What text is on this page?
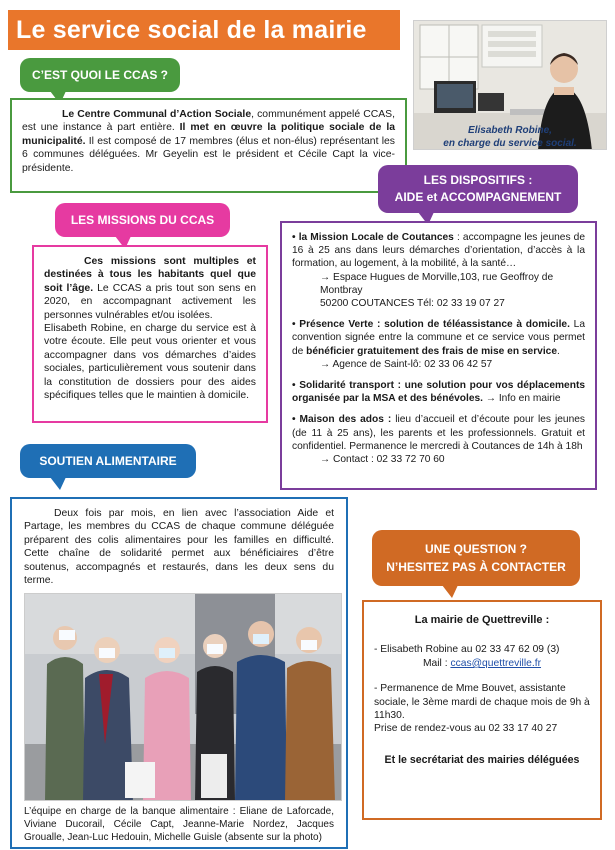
Le service social de la mairie
Elisabeth Robine,
en charge du service social.
C’EST QUOI LE CCAS ?

Le Centre Communal d’Action Sociale, communément appelé CCAS, est une instance à part entière. Il met en œuvre la politique sociale de la municipalité. Il est composé de 17 membres (élus et non-élus) représentant les 6 communes déléguées. Mr Geyelin est le président et Cécile Capt la vice-présidente.

LES MISSIONS DU CCAS

Ces missions sont multiples et destinées à tous les habitants quel que soit l’âge. Le CCAS a pris tout son sens en 2020, en accompagnant activement les personnes vulnérables et/ou isolées.

Elisabeth Robine, en charge du service est à votre écoute. Elle peut vous orienter et vous accompagner dans vos démarches d’aides sociales, particulièrement vous soutenir dans la constitution de dossiers pour des aides spécifiques telles que le maintien à domicile.

LES DISPOSITIFS :
AIDE et ACCOMPAGNEMENT

• la Mission Locale de Coutances : accompagne les jeunes de 16 à 25 ans dans leurs démarches d’orientation, d’accès à la formation, au logement, à la mobilité, à la santé…

→ Espace Hugues de Morville,103, rue Geoffroy de Montbray
50200 COUTANCES Tél: 02 33 19 07 27

• Présence Verte : solution de téléassistance à domicile. La convention signée entre la commune et ce service vous permet de bénéficier gratuitement des frais de mise en service.

→ Agence de Saint-lô: 02 33 06 42 57

• Solidarité transport : une solution pour vos déplacements organisée par la MSA et des bénévoles. → Info en mairie

• Maison des ados : lieu d’accueil et d’écoute pour les jeunes (de 11 à 25 ans), les parents et les professionnels. Gratuit et confidentiel. Permanence le mercredi à Coutances de 14h à 18h

→ Contact : 02 33 72 70 60
SOUTIEN ALIMENTAIRE

Deux fois par mois, en lien avec l’association Aide et Partage, les membres du CCAS de chaque commune déléguée préparent des colis alimentaires pour les familles en difficulté. Cette chaîne de solidarité permet aux bénéficiaires d’être soutenus, accompagnés et restaurés, dans les deux sens du terme.

L’équipe en charge de la banque alimentaire : Eliane de Laforcade, Viviane Ducorail, Cécile Capt, Jeanne-Marie Nordez, Jacques Groualle, Jean-Luc Hedouin, Michelle Guisle (absente sur la photo)

UNE QUESTION ?
N’HESITEZ PAS À CONTACTER
La mairie de Quettreville :
- Elisabeth Robine au 02 33 47 62 09 (3)
Mail : ccas@quettreville.fr
- Permanence de Mme Bouvet, assistante sociale, le 3ème mardi de chaque mois de 9h à 11h30.
Prise de rendez-vous au 02 33 17 40 27
Et le secrétariat des mairies déléguées
